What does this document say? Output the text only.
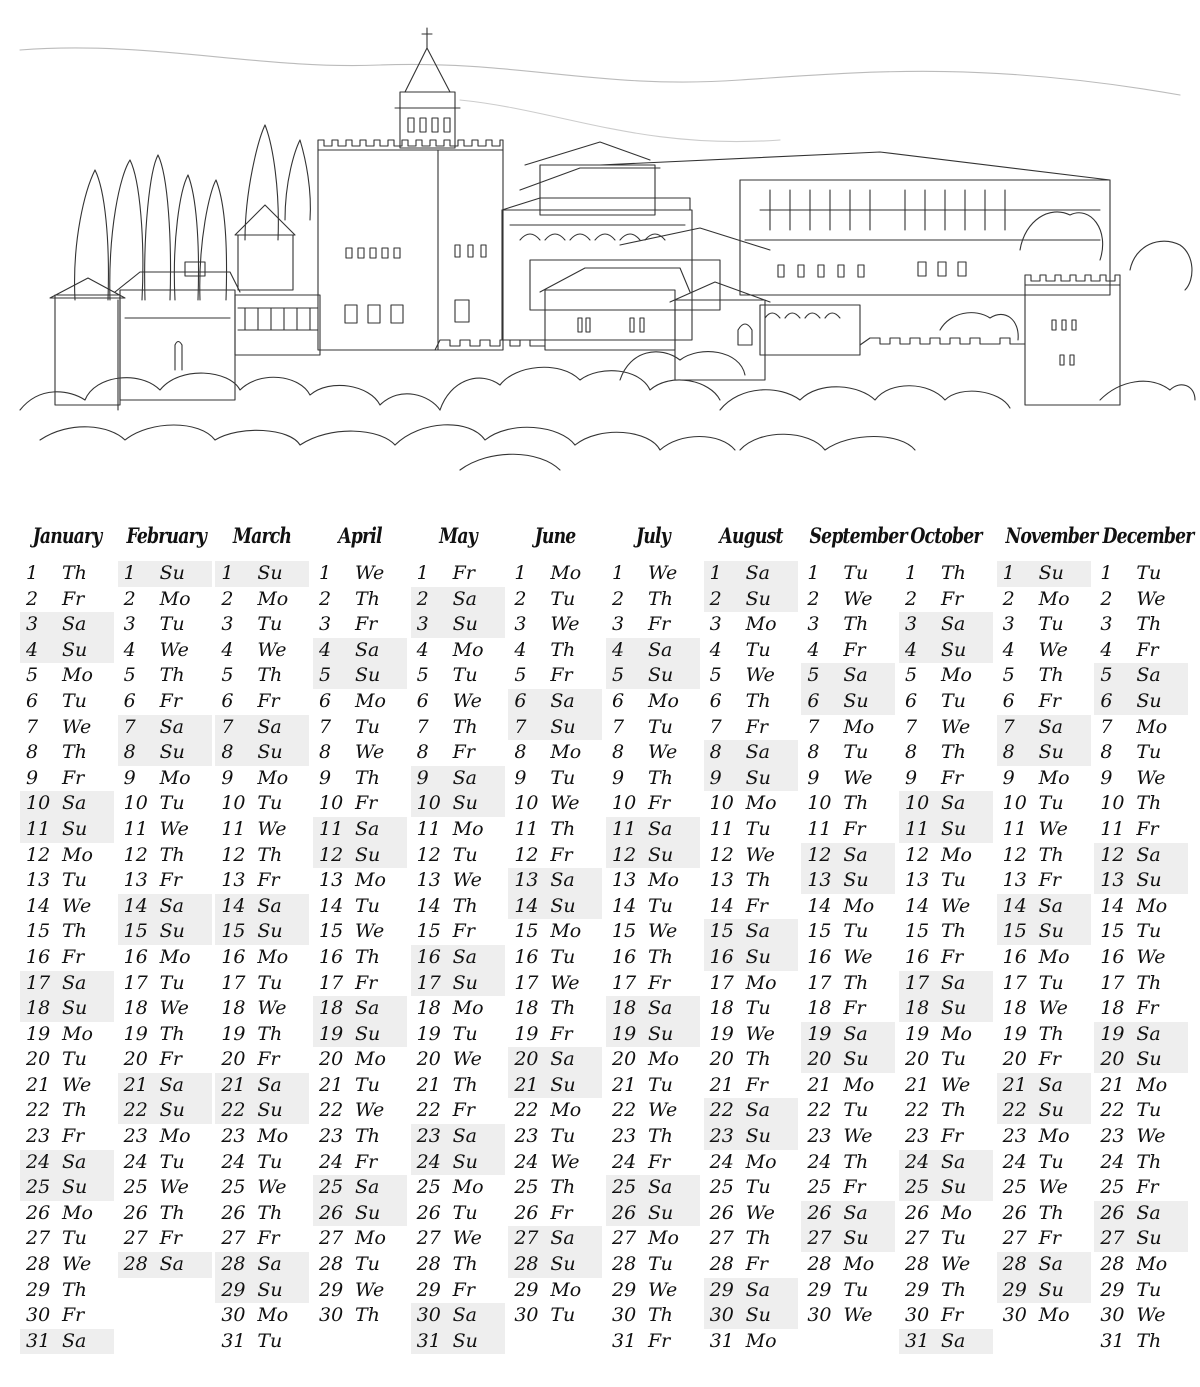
January
1 Th
2 Fr
3 Sa
4 Su
5 Mo
6 Tu
7 We
8 Th
9 Fr
10 Sa
11 Su
12 Mo
13 Tu
14 We
15 Th
16 Fr
17 Sa
18 Su
19 Mo
20 Tu
21 We
22 Th
23 Fr
24 Sa
25 Su
26 Mo
27 Tu
28 We
29 Th
30 Fr
31 Sa
February
1 Su
2 Mo
3 Tu
4 We
5 Th
6 Fr
7 Sa
8 Su
9 Mo
10 Tu
11 We
12 Th
13 Fr
14 Sa
15 Su
16 Mo
17 Tu
18 We
19 Th
20 Fr
21 Sa
22 Su
23 Mo
24 Tu
25 We
26 Th
27 Fr
28 Sa
March
1 Su
2 Mo
3 Tu
4 We
5 Th
6 Fr
7 Sa
8 Su
9 Mo
10 Tu
11 We
12 Th
13 Fr
14 Sa
15 Su
16 Mo
17 Tu
18 We
19 Th
20 Fr
21 Sa
22 Su
23 Mo
24 Tu
25 We
26 Th
27 Fr
28 Sa
29 Su
30 Mo
31 Tu
April
1 We
2 Th
3 Fr
4 Sa
5 Su
6 Mo
7 Tu
8 We
9 Th
10 Fr
11 Sa
12 Su
13 Mo
14 Tu
15 We
16 Th
17 Fr
18 Sa
19 Su
20 Mo
21 Tu
22 We
23 Th
24 Fr
25 Sa
26 Su
27 Mo
28 Tu
29 We
30 Th
May
1 Fr
2 Sa
3 Su
4 Mo
5 Tu
6 We
7 Th
8 Fr
9 Sa
10 Su
11 Mo
12 Tu
13 We
14 Th
15 Fr
16 Sa
17 Su
18 Mo
19 Tu
20 We
21 Th
22 Fr
23 Sa
24 Su
25 Mo
26 Tu
27 We
28 Th
29 Fr
30 Sa
31 Su
June
1 Mo
2 Tu
3 We
4 Th
5 Fr
6 Sa
7 Su
8 Mo
9 Tu
10 We
11 Th
12 Fr
13 Sa
14 Su
15 Mo
16 Tu
17 We
18 Th
19 Fr
20 Sa
21 Su
22 Mo
23 Tu
24 We
25 Th
26 Fr
27 Sa
28 Su
29 Mo
30 Tu
July
1 We
2 Th
3 Fr
4 Sa
5 Su
6 Mo
7 Tu
8 We
9 Th
10 Fr
11 Sa
12 Su
13 Mo
14 Tu
15 We
16 Th
17 Fr
18 Sa
19 Su
20 Mo
21 Tu
22 We
23 Th
24 Fr
25 Sa
26 Su
27 Mo
28 Tu
29 We
30 Th
31 Fr
August
1 Sa
2 Su
3 Mo
4 Tu
5 We
6 Th
7 Fr
8 Sa
9 Su
10 Mo
11 Tu
12 We
13 Th
14 Fr
15 Sa
16 Su
17 Mo
18 Tu
19 We
20 Th
21 Fr
22 Sa
23 Su
24 Mo
25 Tu
26 We
27 Th
28 Fr
29 Sa
30 Su
31 Mo
September
1 Tu
2 We
3 Th
4 Fr
5 Sa
6 Su
7 Mo
8 Tu
9 We
10 Th
11 Fr
12 Sa
13 Su
14 Mo
15 Tu
16 We
17 Th
18 Fr
19 Sa
20 Su
21 Mo
22 Tu
23 We
24 Th
25 Fr
26 Sa
27 Su
28 Mo
29 Tu
30 We
October
1 Th
2 Fr
3 Sa
4 Su
5 Mo
6 Tu
7 We
8 Th
9 Fr
10 Sa
11 Su
12 Mo
13 Tu
14 We
15 Th
16 Fr
17 Sa
18 Su
19 Mo
20 Tu
21 We
22 Th
23 Fr
24 Sa
25 Su
26 Mo
27 Tu
28 We
29 Th
30 Fr
31 Sa
November
1 Su
2 Mo
3 Tu
4 We
5 Th
6 Fr
7 Sa
8 Su
9 Mo
10 Tu
11 We
12 Th
13 Fr
14 Sa
15 Su
16 Mo
17 Tu
18 We
19 Th
20 Fr
21 Sa
22 Su
23 Mo
24 Tu
25 We
26 Th
27 Fr
28 Sa
29 Su
30 Mo
December
1 Tu
2 We
3 Th
4 Fr
5 Sa
6 Su
7 Mo
8 Tu
9 We
10 Th
11 Fr
12 Sa
13 Su
14 Mo
15 Tu
16 We
17 Th
18 Fr
19 Sa
20 Su
21 Mo
22 Tu
23 We
24 Th
25 Fr
26 Sa
27 Su
28 Mo
29 Tu
30 We
31 Th
